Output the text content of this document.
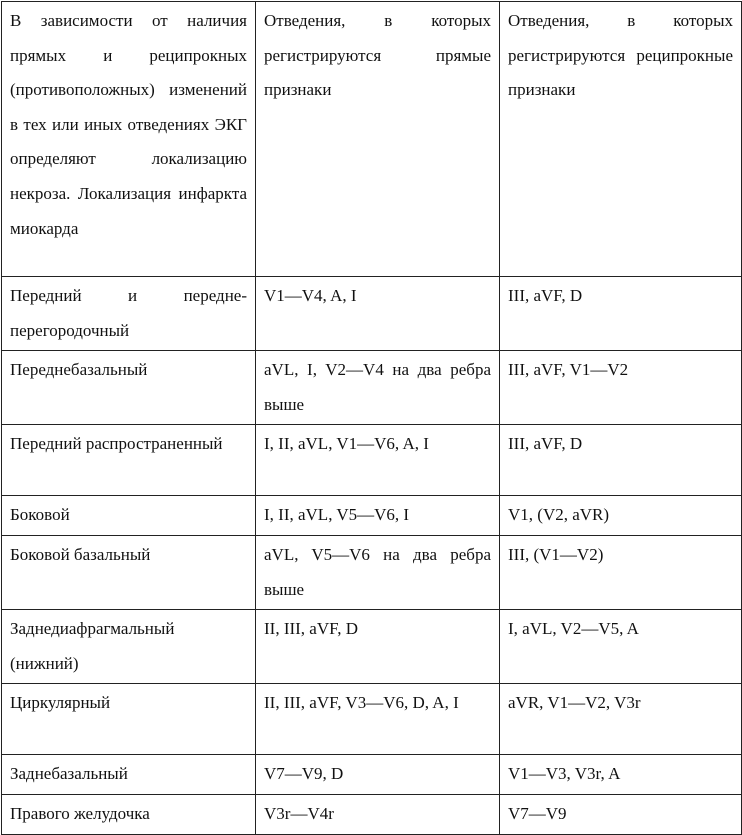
В зависимости от наличия прямых и реципрокных (противоположных) изменений в тех или иных отведениях ЭКГ определяют локализацию некроза. Локализация инфаркта миокарда	Отведения, в которых регистрируются прямые признаки	Отведения, в которых регистрируются реципрокные признаки
Передний и передне-перегородочный	V1—V4, A, I	III, aVF, D
Переднебазальный	aVL, I, V2—V4 на два ребра выше	III, aVF, V1—V2
Передний распространенный	I, II, aVL, V1—V6, A, I	III, aVF, D
Боковой	I, II, aVL, V5—V6, I	V1, (V2, aVR)
Боковой базальный	aVL, V5—V6 на два ребра выше	III, (V1—V2)
Заднедиафрагмальный (нижний)	II, III, aVF, D	I, aVL, V2—V5, A
Циркулярный	II, III, aVF, V3—V6, D, A, I	aVR, V1—V2, V3r
Заднебазальный	V7—V9, D	V1—V3, V3r, A
Правого желудочка	V3r—V4r	V7—V9
